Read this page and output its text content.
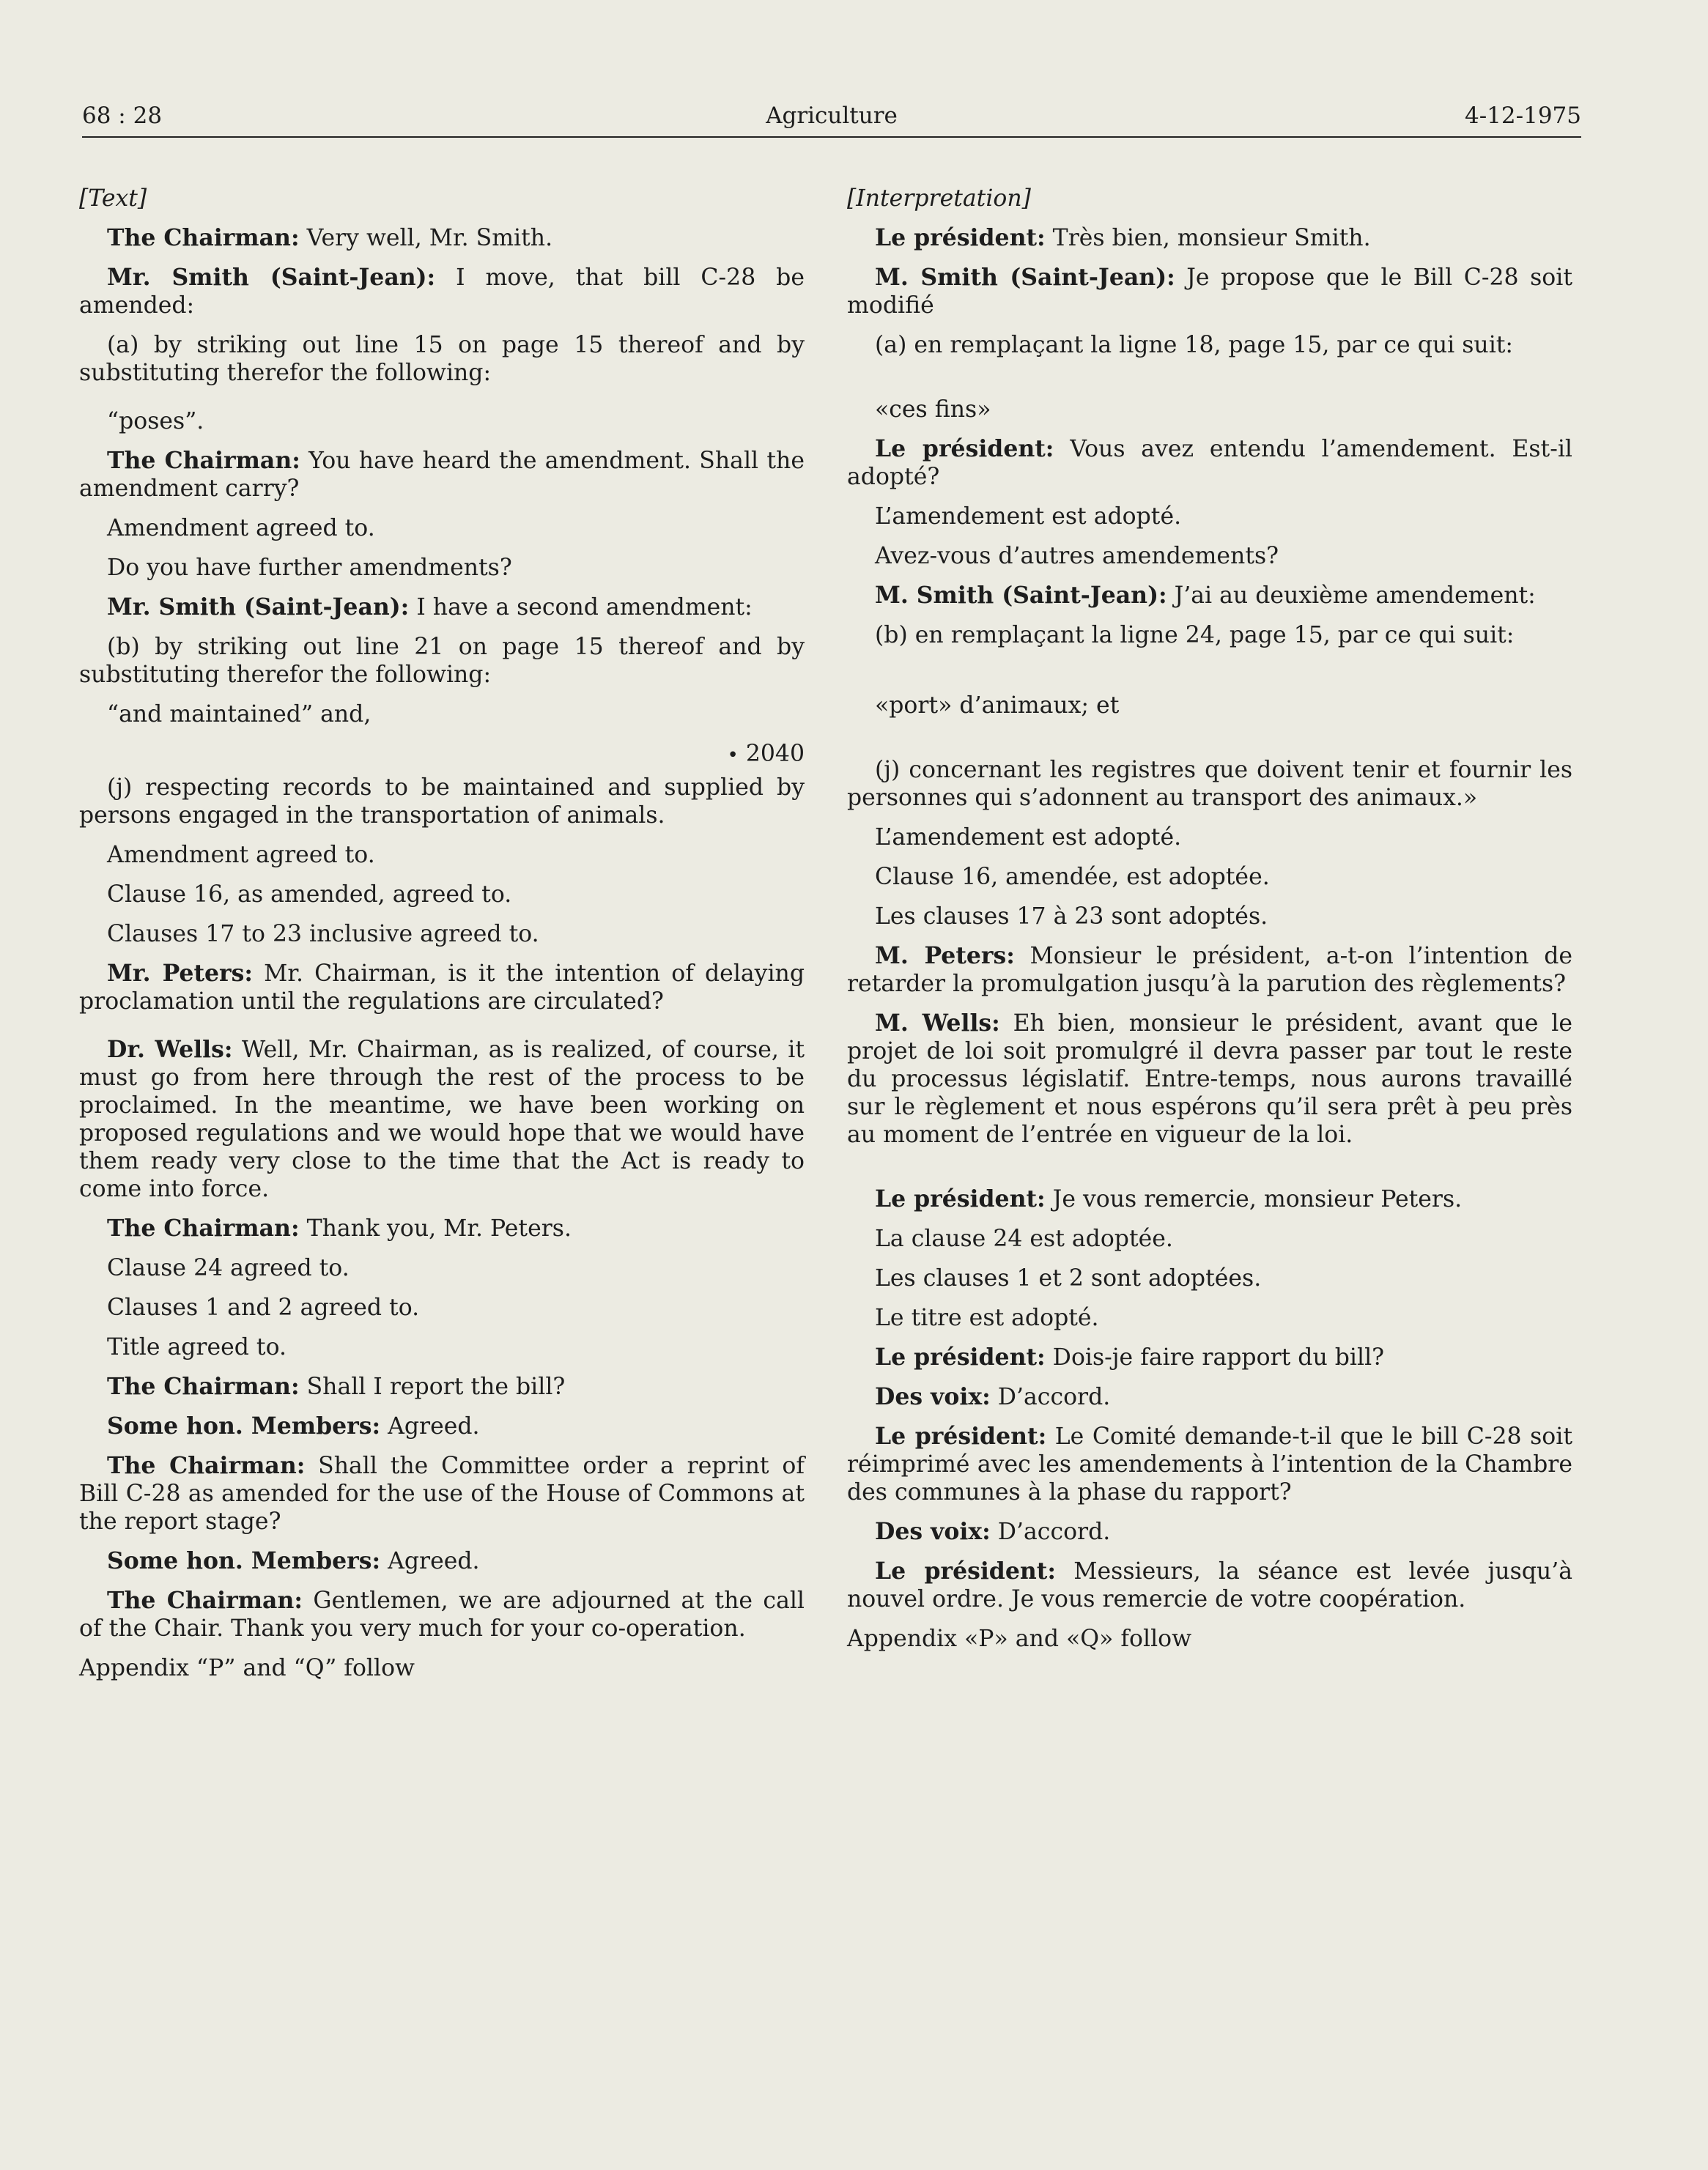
68 : 28	Agriculture	4-12-1975

[Text]

The Chairman: Very well, Mr. Smith.

Mr. Smith (Saint-Jean): I move, that bill C-28 be amended:

(a) by striking out line 15 on page 15 thereof and by substituting therefor the following:

“poses”.

The Chairman: You have heard the amendment. Shall the amendment carry?

Amendment agreed to.

Do you have further amendments?

Mr. Smith (Saint-Jean): I have a second amendment:

(b) by striking out line 21 on page 15 thereof and by substituting therefor the following:

“and maintained” and,

• 2040

(j) respecting records to be maintained and supplied by persons engaged in the transportation of animals.

Amendment agreed to.

Clause 16, as amended, agreed to.

Clauses 17 to 23 inclusive agreed to.

Mr. Peters: Mr. Chairman, is it the intention of delaying proclamation until the regulations are circulated?

Dr. Wells: Well, Mr. Chairman, as is realized, of course, it must go from here through the rest of the process to be proclaimed. In the meantime, we have been working on proposed regulations and we would hope that we would have them ready very close to the time that the Act is ready to come into force.

The Chairman: Thank you, Mr. Peters.

Clause 24 agreed to.

Clauses 1 and 2 agreed to.

Title agreed to.

The Chairman: Shall I report the bill?

Some hon. Members: Agreed.

The Chairman: Shall the Committee order a reprint of Bill C-28 as amended for the use of the House of Commons at the report stage?

Some hon. Members: Agreed.

The Chairman: Gentlemen, we are adjourned at the call of the Chair. Thank you very much for your co-operation.

Appendix “P” and “Q” follow

[Interpretation]

Le président: Très bien, monsieur Smith.

M. Smith (Saint-Jean): Je propose que le Bill C-28 soit modifié

(a) en remplaçant la ligne 18, page 15, par ce qui suit:

«ces fins»

Le président: Vous avez entendu l’amendement. Est-il adopté?

L’amendement est adopté.

Avez-vous d’autres amendements?

M. Smith (Saint-Jean): J’ai au deuxième amendement:

(b) en remplaçant la ligne 24, page 15, par ce qui suit:

«port» d’animaux; et

(j) concernant les registres que doivent tenir et fournir les personnes qui s’adonnent au transport des animaux.»

L’amendement est adopté.

Clause 16, amendée, est adoptée.

Les clauses 17 à 23 sont adoptés.

M. Peters: Monsieur le président, a-t-on l’intention de retarder la promulgation jusqu’à la parution des règlements?

M. Wells: Eh bien, monsieur le président, avant que le projet de loi soit promulgré il devra passer par tout le reste du processus législatif. Entre-temps, nous aurons travaillé sur le règlement et nous espérons qu’il sera prêt à peu près au moment de l’entrée en vigueur de la loi.

Le président: Je vous remercie, monsieur Peters.

La clause 24 est adoptée.

Les clauses 1 et 2 sont adoptées.

Le titre est adopté.

Le président: Dois-je faire rapport du bill?

Des voix: D’accord.

Le président: Le Comité demande-t-il que le bill C-28 soit réimprimé avec les amendements à l’intention de la Chambre des communes à la phase du rapport?

Des voix: D’accord.

Le président: Messieurs, la séance est levée jusqu’à nouvel ordre. Je vous remercie de votre coopération.

Appendix «P» and «Q» follow
